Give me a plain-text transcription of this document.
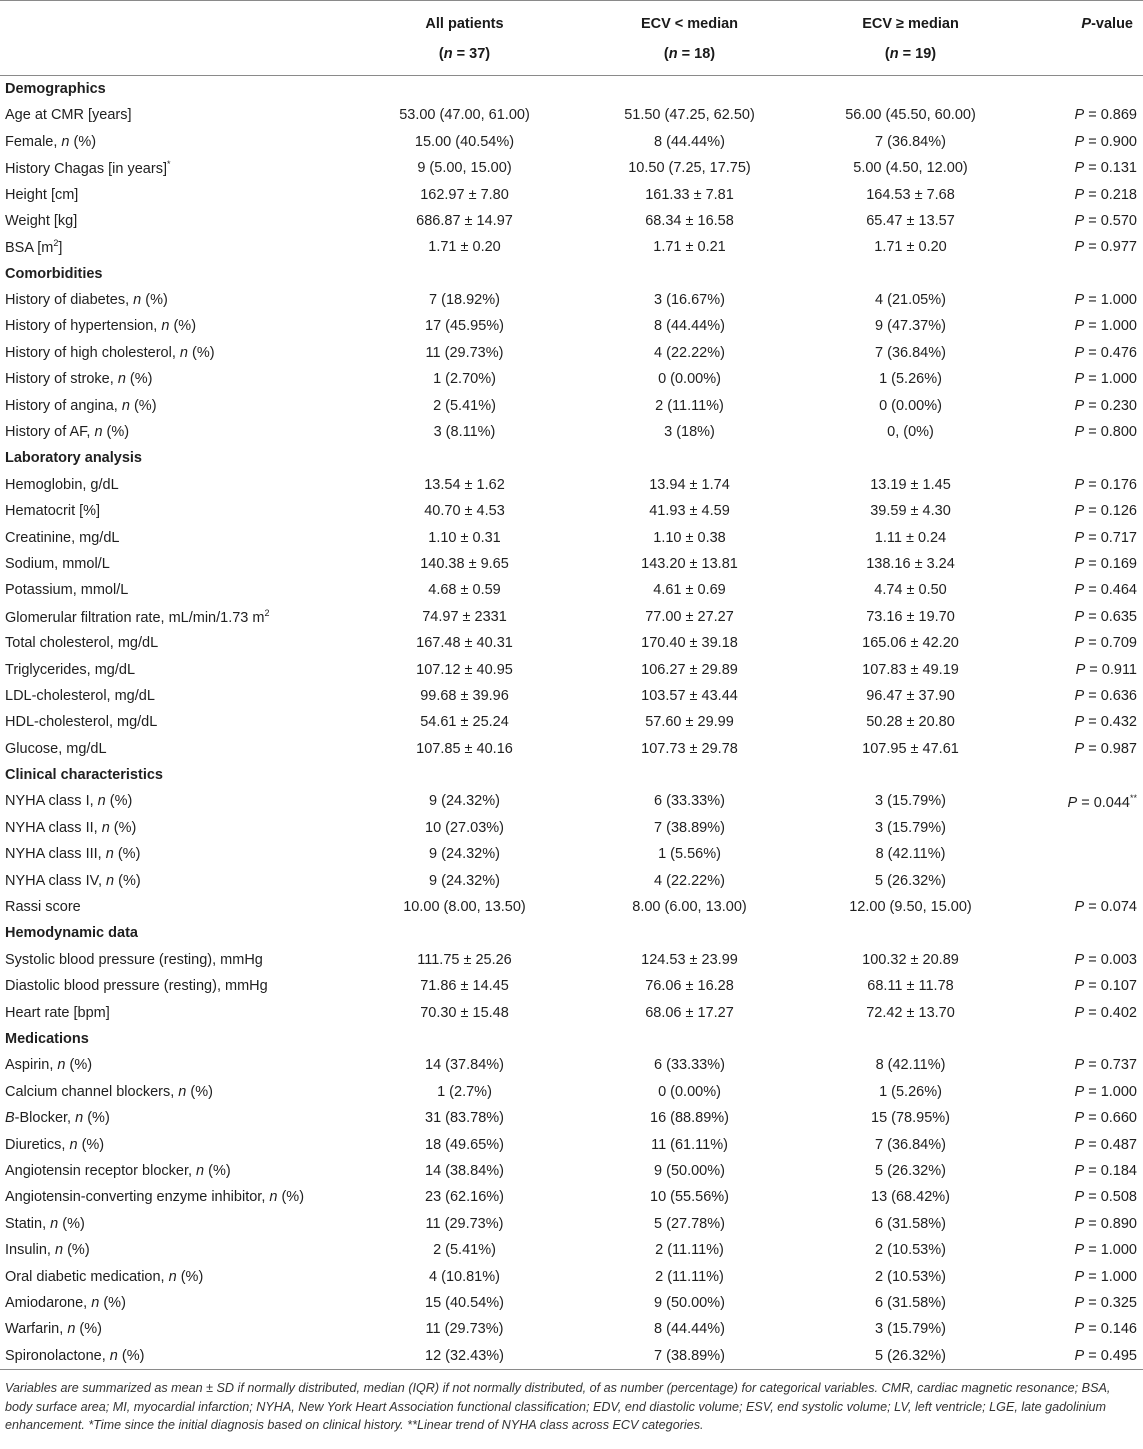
	All patients	ECV < median	ECV ≥ median	P-value
	(n = 37)	(n = 18)	(n = 19)	
Demographics				
Age at CMR [years]	53.00 (47.00, 61.00)	51.50 (47.25, 62.50)	56.00 (45.50, 60.00)	P = 0.869
Female, n (%)	15.00 (40.54%)	8 (44.44%)	7 (36.84%)	P = 0.900
History Chagas [in years]*	9 (5.00, 15.00)	10.50 (7.25, 17.75)	5.00 (4.50, 12.00)	P = 0.131
Height [cm]	162.97 ± 7.80	161.33 ± 7.81	164.53 ± 7.68	P = 0.218
Weight [kg]	686.87 ± 14.97	68.34 ± 16.58	65.47 ± 13.57	P = 0.570
BSA $[m^2]$	1.71 ± 0.20	1.71 ± 0.21	1.71 ± 0.20	P = 0.977
Comorbidities				
History of diabetes, n (%)	7 (18.92%)	3 (16.67%)	4 (21.05%)	P = 1.000
History of hypertension, n (%)	17 (45.95%)	8 (44.44%)	9 (47.37%)	P = 1.000
History of high cholesterol, n (%)	11 (29.73%)	4 (22.22%)	7 (36.84%)	P = 0.476
History of stroke, n (%)	1 (2.70%)	0 (0.00%)	1 (5.26%)	P = 1.000
History of angina, n (%)	2 (5.41%)	2 (11.11%)	0 (0.00%)	P = 0.230
History of AF, n (%)	3 (8.11%)	3 (18%)	0, (0%)	P = 0.800
Laboratory analysis				
Hemoglobin, g/dL	13.54 ± 1.62	13.94 ± 1.74	13.19 ± 1.45	P = 0.176
Hematocrit [%]	40.70 ± 4.53	41.93 ± 4.59	39.59 ± 4.30	P = 0.126
Creatinine, mg/dL	1.10 ± 0.31	1.10 ± 0.38	1.11 ± 0.24	P = 0.717
Sodium, mmol/L	140.38 ± 9.65	143.20 ± 13.81	138.16 ± 3.24	P = 0.169
Potassium, mmol/L	4.68 ± 0.59	4.61 ± 0.69	4.74 ± 0.50	P = 0.464
Glomerular filtration rate, mL/min/1.73 $m^2$	74.97 ± 2331	77.00 ± 27.27	73.16 ± 19.70	P = 0.635
Total cholesterol, mg/dL	167.48 ± 40.31	170.40 ± 39.18	165.06 ± 42.20	P = 0.709
Triglycerides, mg/dL	107.12 ± 40.95	106.27 ± 29.89	107.83 ± 49.19	P = 0.911
LDL-cholesterol, mg/dL	99.68 ± 39.96	103.57 ± 43.44	96.47 ± 37.90	P = 0.636
HDL-cholesterol, mg/dL	54.61 ± 25.24	57.60 ± 29.99	50.28 ± 20.80	P = 0.432
Glucose, mg/dL	107.85 ± 40.16	107.73 ± 29.78	107.95 ± 47.61	P = 0.987
Clinical characteristics				
NYHA class I, n (%)	9 (24.32%)	6 (33.33%)	3 (15.79%)	P = 0.044**
NYHA class II, n (%)	10 (27.03%)	7 (38.89%)	3 (15.79%)	
NYHA class III, n (%)	9 (24.32%)	1 (5.56%)	8 (42.11%)	
NYHA class IV, n (%)	9 (24.32%)	4 (22.22%)	5 (26.32%)	
Rassi score	10.00 (8.00, 13.50)	8.00 (6.00, 13.00)	12.00 (9.50, 15.00)	P = 0.074
Hemodynamic data				
Systolic blood pressure (resting), mmHg	111.75 ± 25.26	124.53 ± 23.99	100.32 ± 20.89	P = 0.003
Diastolic blood pressure (resting), mmHg	71.86 ± 14.45	76.06 ± 16.28	68.11 ± 11.78	P = 0.107
Heart rate [bpm]	70.30 ± 15.48	68.06 ± 17.27	72.42 ± 13.70	P = 0.402
Medications				
Aspirin, n (%)	14 (37.84%)	6 (33.33%)	8 (42.11%)	P = 0.737
Calcium channel blockers, n (%)	1 (2.7%)	0 (0.00%)	1 (5.26%)	P = 1.000
B-Blocker, n (%)	31 (83.78%)	16 (88.89%)	15 (78.95%)	P = 0.660
Diuretics, n (%)	18 (49.65%)	11 (61.11%)	7 (36.84%)	P = 0.487
Angiotensin receptor blocker, n (%)	14 (38.84%)	9 (50.00%)	5 (26.32%)	P = 0.184
Angiotensin-converting enzyme inhibitor, n (%)	23 (62.16%)	10 (55.56%)	13 (68.42%)	P = 0.508
Statin, n (%)	11 (29.73%)	5 (27.78%)	6 (31.58%)	P = 0.890
Insulin, n (%)	2 (5.41%)	2 (11.11%)	2 (10.53%)	P = 1.000
Oral diabetic medication, n (%)	4 (10.81%)	2 (11.11%)	2 (10.53%)	P = 1.000
Amiodarone, n (%)	15 (40.54%)	9 (50.00%)	6 (31.58%)	P = 0.325
Warfarin, n (%)	11 (29.73%)	8 (44.44%)	3 (15.79%)	P = 0.146
Spironolactone, n (%)	12 (32.43%)	7 (38.89%)	5 (26.32%)	P = 0.495
Variables are summarized as mean ± SD if normally distributed, median (IQR) if not normally distributed, of as number (percentage) for categorical variables. CMR, cardiac magnetic resonance; BSA, body surface area; MI, myocardial infarction; NYHA, New York Heart Association functional classification; EDV, end diastolic volume; ESV, end systolic volume; LV, left ventricle; LGE, late gadolinium enhancement. *Time since the initial diagnosis based on clinical history. **Linear trend of NYHA class across ECV categories.
